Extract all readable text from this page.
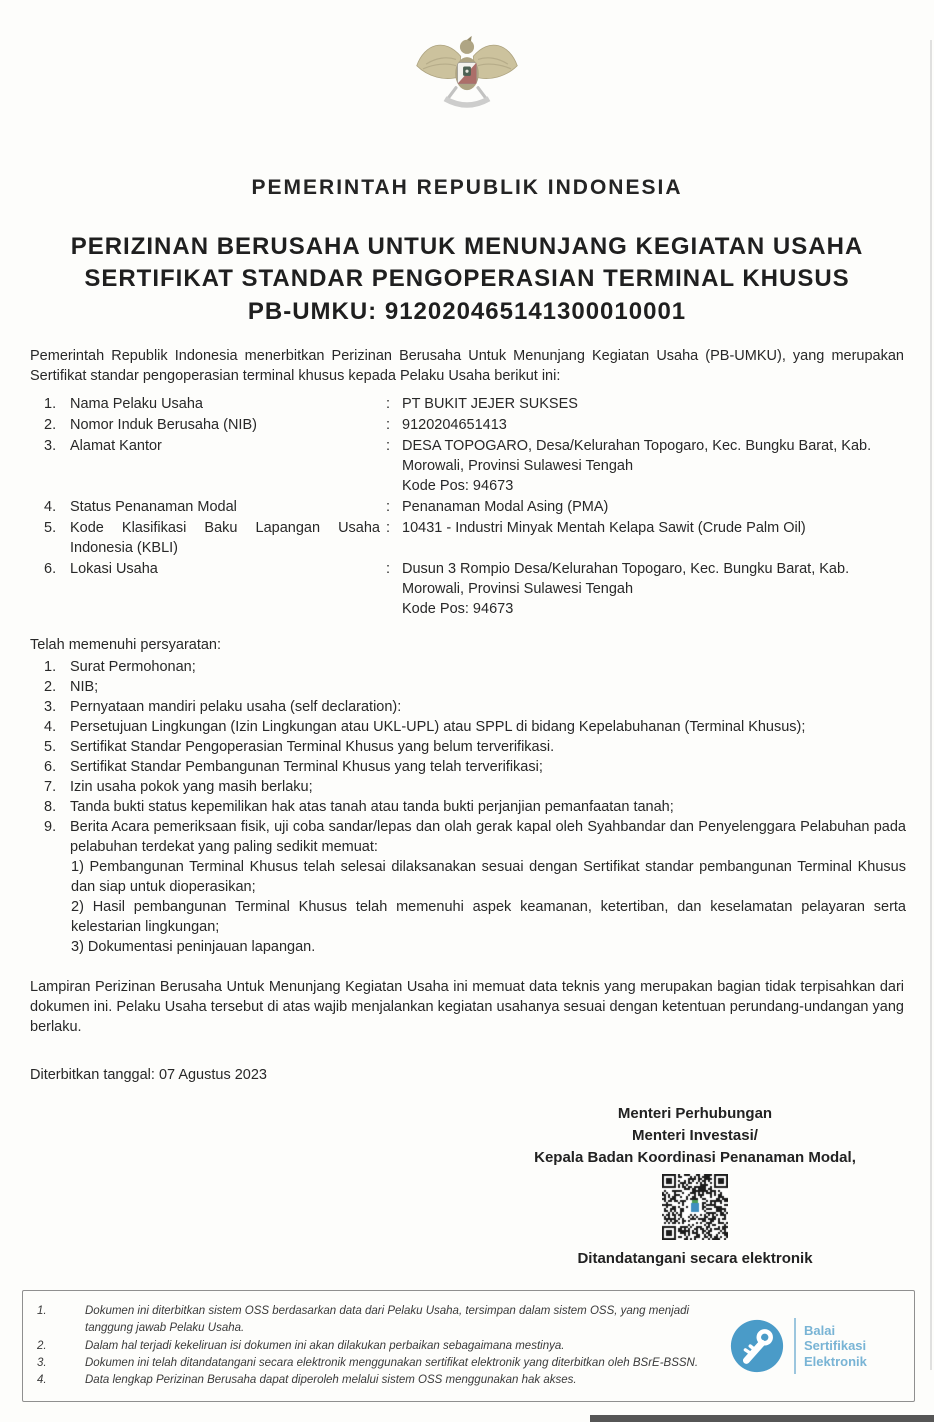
PEMERINTAH REPUBLIK INDONESIA
PERIZINAN BERUSAHA UNTUK MENUNJANG KEGIATAN USAHA
SERTIFIKAT STANDAR PENGOPERASIAN TERMINAL KHUSUS
PB-UMKU: 912020465141300010001

Pemerintah Republik Indonesia menerbitkan Perizinan Berusaha Untuk Menunjang Kegiatan Usaha (PB-UMKU), yang merupakan Sertifikat standar pengoperasian terminal khusus kepada Pelaku Usaha berikut ini:

1. Nama Pelaku Usaha	: PT BUKIT JEJER SUKSES
2. Nomor Induk Berusaha (NIB)	: 9120204651413
3. Alamat Kantor	: DESA TOPOGARO, Desa/Kelurahan Topogaro, Kec. Bungku Barat, Kab. Morowali, Provinsi Sulawesi Tengah
Kode Pos: 94673
4. Status Penanaman Modal	: Penanaman Modal Asing (PMA)
5. Kode Klasifikasi Baku Lapangan Usaha Indonesia (KBLI)
: 10431 - Industri Minyak Mentah Kelapa Sawit (Crude Palm Oil)
6. Lokasi Usaha	: Dusun 3 Rompio Desa/Kelurahan Topogaro, Kec. Bungku Barat, Kab. Morowali, Provinsi Sulawesi Tengah
Kode Pos: 94673
Telah memenuhi persyaratan:
1. Surat Permohonan;
2. NIB;
3. Pernyataan mandiri pelaku usaha (self declaration):
4. Persetujuan Lingkungan (Izin Lingkungan atau UKL-UPL) atau SPPL di bidang Kepelabuhanan (Terminal Khusus);
5. Sertifikat Standar Pengoperasian Terminal Khusus yang belum terverifikasi.
6. Sertifikat Standar Pembangunan Terminal Khusus yang telah terverifikasi;
7. Izin usaha pokok yang masih berlaku;
8. Tanda bukti status kepemilikan hak atas tanah atau tanda bukti perjanjian pemanfaatan tanah;
9. Berita Acara pemeriksaan fisik, uji coba sandar/lepas dan olah gerak kapal oleh Syahbandar dan Penyelenggara Pelabuhan pada pelabuhan terdekat yang paling sedikit memuat:
1) Pembangunan Terminal Khusus telah selesai dilaksanakan sesuai dengan Sertifikat standar pembangunan Terminal Khusus dan siap untuk dioperasikan;
2) Hasil pembangunan Terminal Khusus telah memenuhi aspek keamanan, ketertiban, dan keselamatan pelayaran serta kelestarian lingkungan;
3) Dokumentasi peninjauan lapangan.

Lampiran Perizinan Berusaha Untuk Menunjang Kegiatan Usaha ini memuat data teknis yang merupakan bagian tidak terpisahkan dari dokumen ini. Pelaku Usaha tersebut di atas wajib menjalankan kegiatan usahanya sesuai dengan ketentuan perundang-undangan yang berlaku.

Diterbitkan tanggal: 07 Agustus 2023
Menteri Perhubungan
Menteri Investasi/
Kepala Badan Koordinasi Penanaman Modal,
Ditandatangani secara elektronik
1.	Dokumen ini diterbitkan sistem OSS berdasarkan data dari Pelaku Usaha, tersimpan dalam sistem OSS, yang menjadi tanggung jawab Pelaku Usaha.
2.	Dalam hal terjadi kekeliruan isi dokumen ini akan dilakukan perbaikan sebagaimana mestinya.
3.	Dokumen ini telah ditandatangani secara elektronik menggunakan sertifikat elektronik yang diterbitkan oleh BSrE-BSSN.
4.	Data lengkap Perizinan Berusaha dapat diperoleh melalui sistem OSS menggunakan hak akses.
Balai
Sertifikasi
Elektronik
